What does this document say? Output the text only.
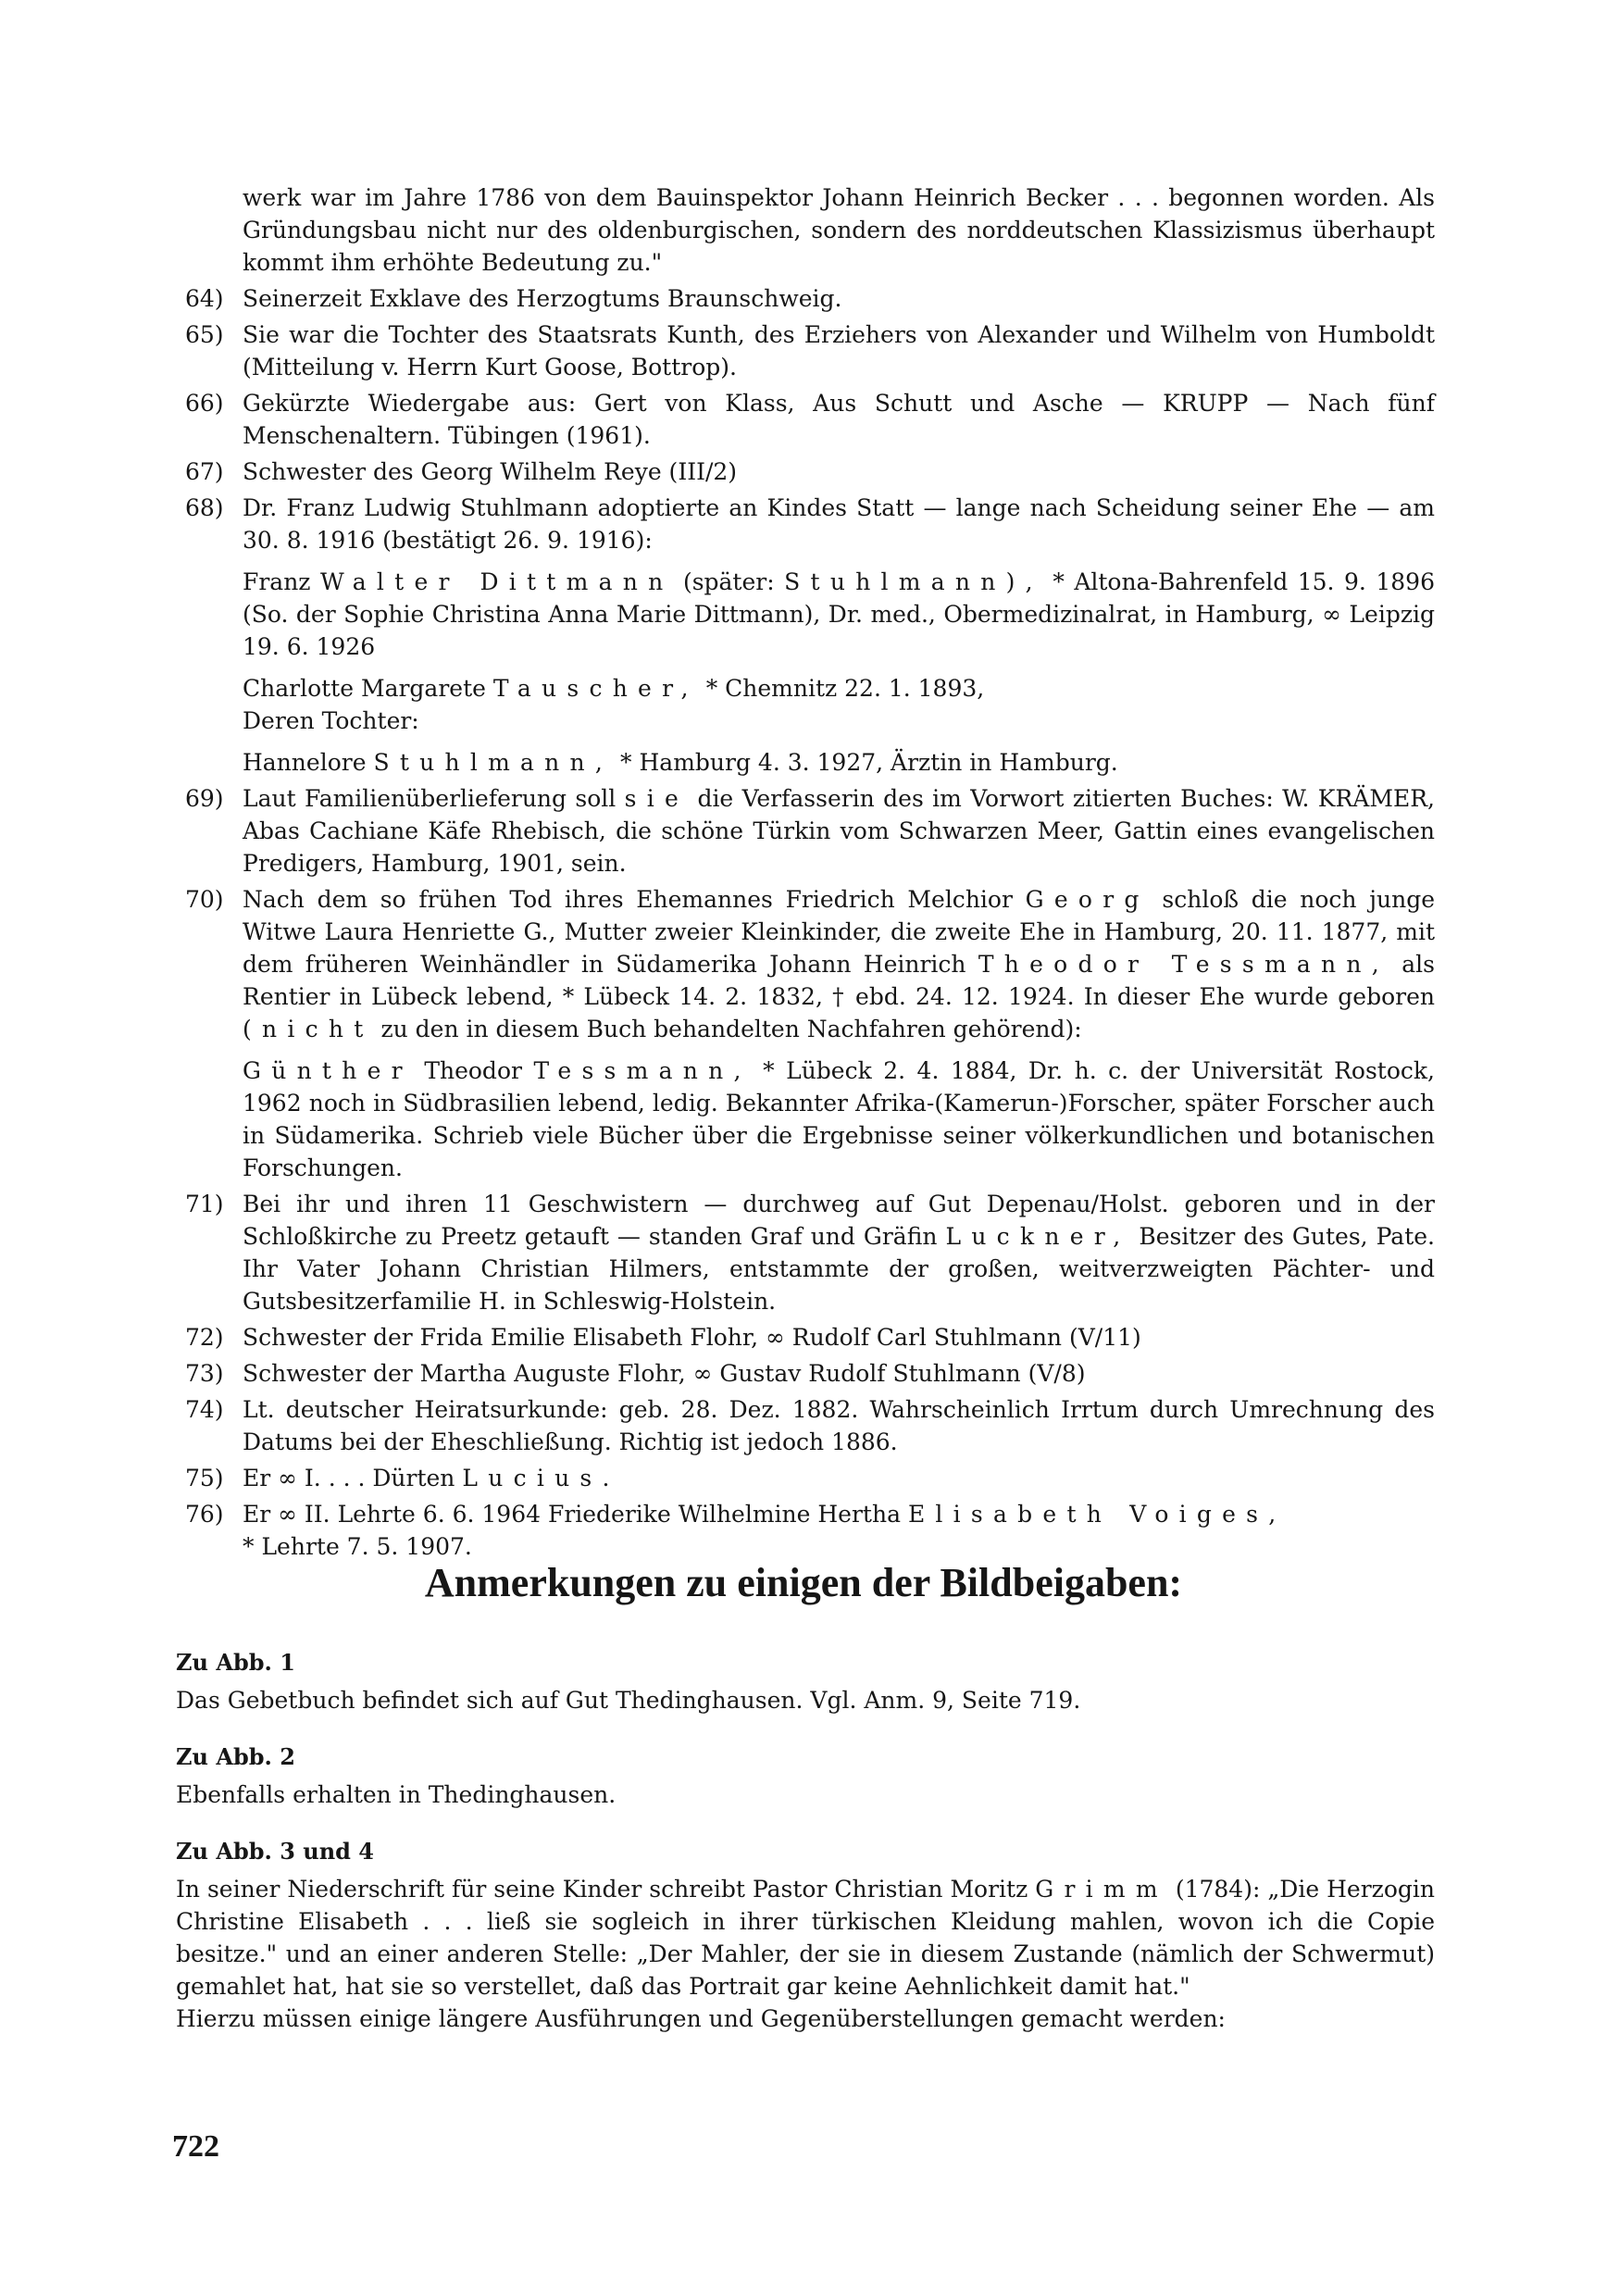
werk war im Jahre 1786 von dem Bauinspektor Johann Heinrich Becker . . . begonnen worden. Als Gründungsbau nicht nur des oldenburgischen, sondern des norddeutschen Klassizismus überhaupt kommt ihm erhöhte Bedeutung zu."
64) Seinerzeit Exklave des Herzogtums Braunschweig.
65) Sie war die Tochter des Staatsrats Kunth, des Erziehers von Alexander und Wilhelm von Humboldt (Mitteilung v. Herrn Kurt Goose, Bottrop).
66) Gekürzte Wiedergabe aus: Gert von Klass, Aus Schutt und Asche — KRUPP — Nach fünf Menschenaltern. Tübingen (1961).
67) Schwester des Georg Wilhelm Reye (III/2)
68) Dr. Franz Ludwig Stuhlmann adoptierte an Kindes Statt — lange nach Scheidung seiner Ehe — am 30. 8. 1916 (bestätigt 26. 9. 1916):

Franz Walter Dittmann (später: Stuhlmann), * Altona-Bahrenfeld 15. 9. 1896 (So. der Sophie Christina Anna Marie Dittmann), Dr. med., Obermedizinalrat, in Hamburg, ∞ Leipzig 19. 6. 1926

Charlotte Margarete Tauscher, * Chemnitz 22. 1. 1893,
Deren Tochter:

Hannelore Stuhlmann, * Hamburg 4. 3. 1927, Ärztin in Hamburg.

69) Laut Familienüberlieferung soll sie die Verfasserin des im Vorwort zitierten Buches: W. KRÄMER, Abas Cachiane Käfe Rhebisch, die schöne Türkin vom Schwarzen Meer, Gattin eines evangelischen Predigers, Hamburg, 1901, sein.
70) Nach dem so frühen Tod ihres Ehemannes Friedrich Melchior Georg schloß die noch junge Witwe Laura Henriette G., Mutter zweier Kleinkinder, die zweite Ehe in Hamburg, 20. 11. 1877, mit dem früheren Weinhändler in Südamerika Johann Heinrich Theodor Tessmann, als Rentier in Lübeck lebend, * Lübeck 14. 2. 1832, † ebd. 24. 12. 1924. In dieser Ehe wurde geboren (nicht zu den in diesem Buch behandelten Nachfahren gehörend):

Günther Theodor Tessmann, * Lübeck 2. 4. 1884, Dr. h. c. der Universität Rostock, 1962 noch in Südbrasilien lebend, ledig. Bekannter Afrika-(Kamerun-)Forscher, später Forscher auch in Südamerika. Schrieb viele Bücher über die Ergebnisse seiner völkerkundlichen und botanischen Forschungen.

71) Bei ihr und ihren 11 Geschwistern — durchweg auf Gut Depenau/Holst. geboren und in der Schloßkirche zu Preetz getauft — standen Graf und Gräfin Luckner, Besitzer des Gutes, Pate. Ihr Vater Johann Christian Hilmers, entstammte der großen, weitverzweigten Pächter- und Gutsbesitzerfamilie H. in Schleswig-Holstein.
72) Schwester der Frida Emilie Elisabeth Flohr, ∞ Rudolf Carl Stuhlmann (V/11)
73) Schwester der Martha Auguste Flohr, ∞ Gustav Rudolf Stuhlmann (V/8)
74) Lt. deutscher Heiratsurkunde: geb. 28. Dez. 1882. Wahrscheinlich Irrtum durch Umrechnung des Datums bei der Eheschließung. Richtig ist jedoch 1886.
75) Er ∞ I. . . . Dürten Lucius.
76) Er ∞ II. Lehrte 6. 6. 1964 Friederike Wilhelmine Hertha Elisabeth Voiges,
* Lehrte 7. 5. 1907.
Anmerkungen zu einigen der Bildbeigaben:
Zu Abb. 1

Das Gebetbuch befindet sich auf Gut Thedinghausen. Vgl. Anm. 9, Seite 719.

Zu Abb. 2

Ebenfalls erhalten in Thedinghausen.

Zu Abb. 3 und 4

In seiner Niederschrift für seine Kinder schreibt Pastor Christian Moritz Grimm (1784): „Die Herzogin Christine Elisabeth . . . ließ sie sogleich in ihrer türkischen Kleidung mahlen, wovon ich die Copie besitze." und an einer anderen Stelle: „Der Mahler, der sie in diesem Zustande (nämlich der Schwermut) gemahlet hat, hat sie so verstellet, daß das Portrait gar keine Aehnlichkeit damit hat."

Hierzu müssen einige längere Ausführungen und Gegenüberstellungen gemacht werden:

722
